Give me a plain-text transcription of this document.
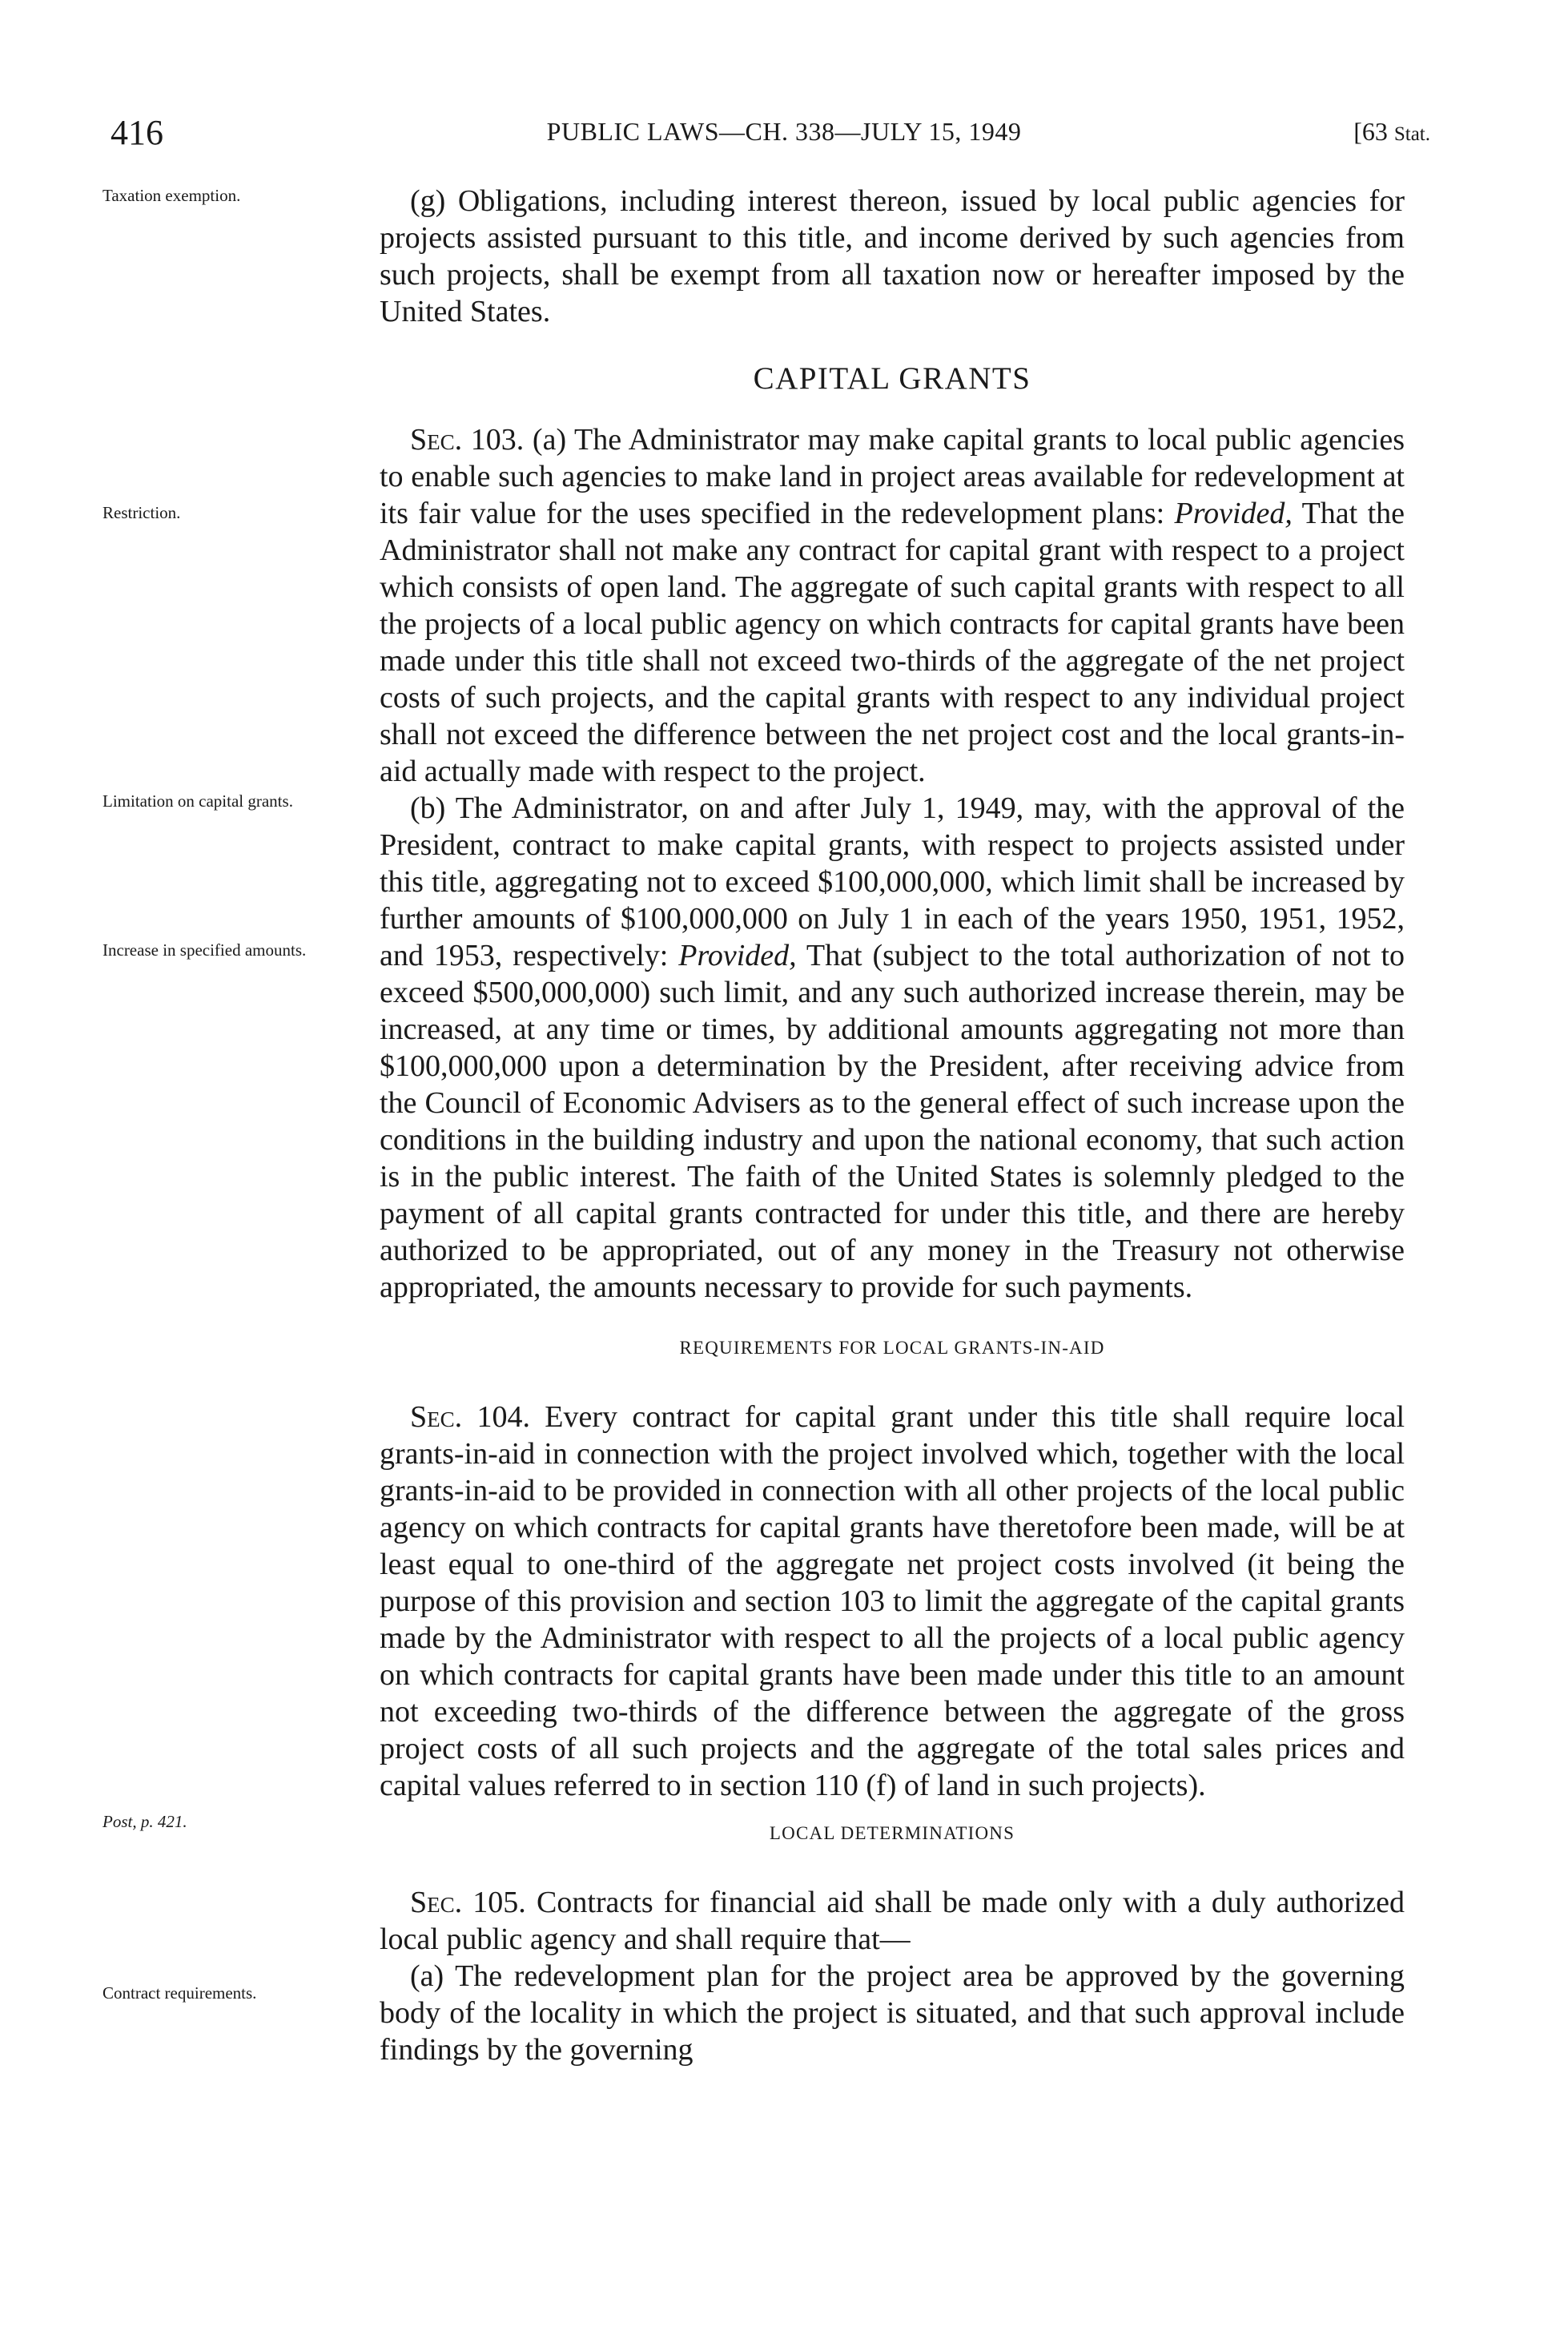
416	PUBLIC LAWS—CH. 338—JULY 15, 1949	[63 Stat.
Taxation exemption.
Restriction.
Limitation on capital grants.
Increase in specified amounts.
Post, p. 421.
Contract requirements.

(g) Obligations, including interest thereon, issued by local public agencies for projects assisted pursuant to this title, and income derived by such agencies from such projects, shall be exempt from all taxation now or hereafter imposed by the United States.

CAPITAL GRANTS

Sec. 103. (a) The Administrator may make capital grants to local public agencies to enable such agencies to make land in project areas available for redevelopment at its fair value for the uses specified in the redevelopment plans: Provided, That the Administrator shall not make any contract for capital grant with respect to a project which consists of open land. The aggregate of such capital grants with respect to all the projects of a local public agency on which contracts for capital grants have been made under this title shall not exceed two-thirds of the aggregate of the net project costs of such projects, and the capital grants with respect to any individual project shall not exceed the difference between the net project cost and the local grants-in-aid actually made with respect to the project.

(b) The Administrator, on and after July 1, 1949, may, with the approval of the President, contract to make capital grants, with respect to projects assisted under this title, aggregating not to exceed $100,000,000, which limit shall be increased by further amounts of $100,000,000 on July 1 in each of the years 1950, 1951, 1952, and 1953, respectively: Provided, That (subject to the total authorization of not to exceed $500,000,000) such limit, and any such authorized increase therein, may be increased, at any time or times, by additional amounts aggregating not more than $100,000,000 upon a determination by the President, after receiving advice from the Council of Economic Advisers as to the general effect of such increase upon the conditions in the building industry and upon the national economy, that such action is in the public interest. The faith of the United States is solemnly pledged to the payment of all capital grants contracted for under this title, and there are hereby authorized to be appropriated, out of any money in the Treasury not otherwise appropriated, the amounts necessary to provide for such payments.

REQUIREMENTS FOR LOCAL GRANTS-IN-AID

Sec. 104. Every contract for capital grant under this title shall require local grants-in-aid in connection with the project involved which, together with the local grants-in-aid to be provided in connection with all other projects of the local public agency on which contracts for capital grants have theretofore been made, will be at least equal to one-third of the aggregate net project costs involved (it being the purpose of this provision and section 103 to limit the aggregate of the capital grants made by the Administrator with respect to all the projects of a local public agency on which contracts for capital grants have been made under this title to an amount not exceeding two-thirds of the difference between the aggregate of the gross project costs of all such projects and the aggregate of the total sales prices and capital values referred to in section 110 (f) of land in such projects).

LOCAL DETERMINATIONS

Sec. 105. Contracts for financial aid shall be made only with a duly authorized local public agency and shall require that—

(a) The redevelopment plan for the project area be approved by the governing body of the locality in which the project is situated, and that such approval include findings by the governing
